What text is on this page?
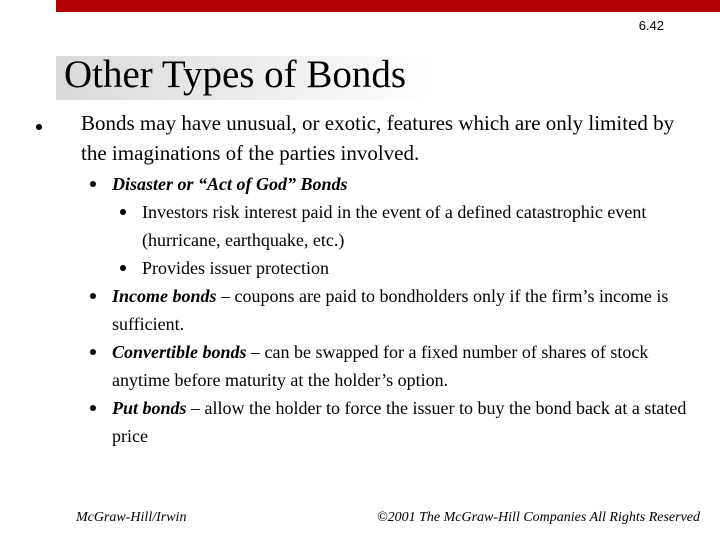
6.42
Other Types of Bonds

Bonds may have unusual, or exotic, features which are only limited by the imaginations of the parties involved.

Disaster or “Act of God” Bonds

Investors risk interest paid in the event of a defined catastrophic event (hurricane, earthquake, etc.)

Provides issuer protection

Income bonds – coupons are paid to bondholders only if the firm’s income is sufficient.

Convertible bonds – can be swapped for a fixed number of shares of stock anytime before maturity at the holder’s option.

Put bonds – allow the holder to force the issuer to buy the bond back at a stated price

McGraw-Hill/Irwin	©2001 The McGraw-Hill Companies All Rights Reserved
